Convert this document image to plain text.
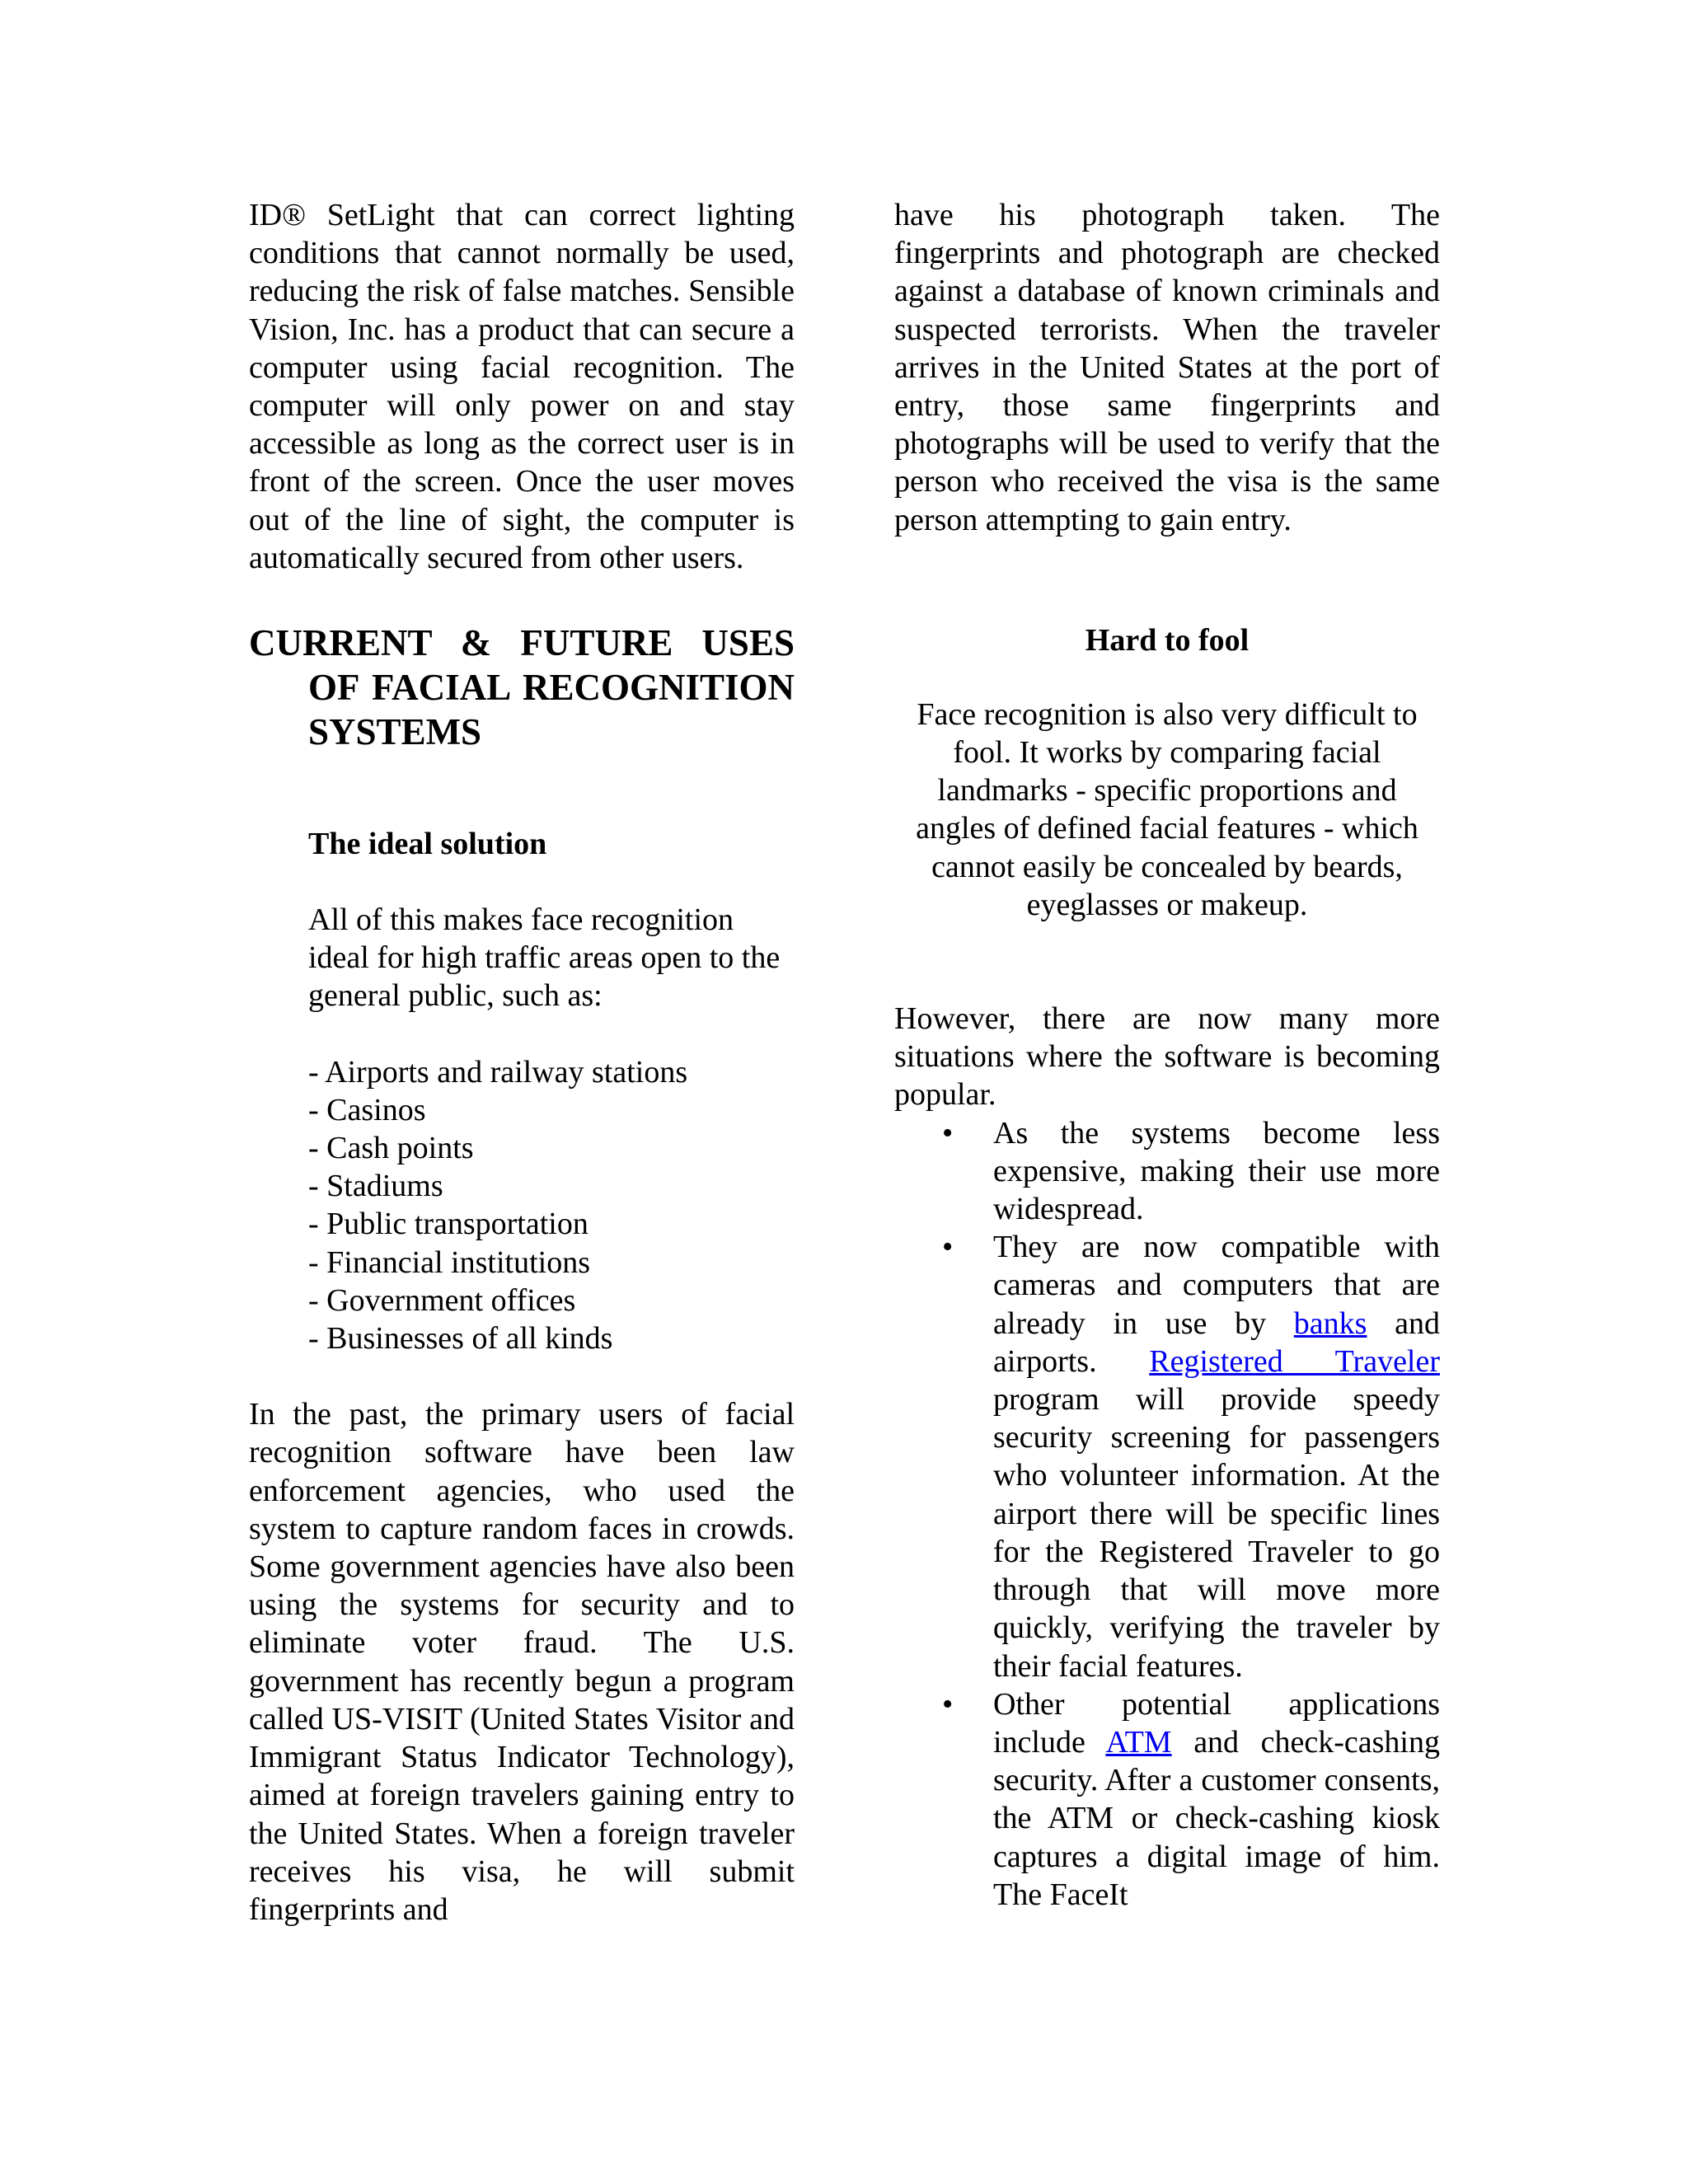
ID® SetLight that can correct lighting conditions that cannot normally be used, reducing the risk of false matches. Sensible Vision, Inc. has a product that can secure a computer using facial recognition. The computer will only power on and stay accessible as long as the correct user is in front of the screen. Once the user moves out of the line of sight, the computer is automatically secured from other users.

CURRENT & FUTURE USES OF FACIAL RECOGNITION SYSTEMS
The ideal solution

All of this makes face recognition ideal for high traffic areas open to the general public, such as:

- Airports and railway stations
- Casinos
- Cash points
- Stadiums
- Public transportation
- Financial institutions
- Government offices
- Businesses of all kinds

In the past, the primary users of facial recognition software have been law enforcement agencies, who used the system to capture random faces in crowds. Some government agencies have also been using the systems for security and to eliminate voter fraud. The U.S. government has recently begun a program called US-VISIT (United States Visitor and Immigrant Status Indicator Technology), aimed at foreign travelers gaining entry to the United States. When a foreign traveler receives his visa, he will submit fingerprints and

have his photograph taken. The fingerprints and photograph are checked against a database of known criminals and suspected terrorists. When the traveler arrives in the United States at the port of entry, those same fingerprints and photographs will be used to verify that the person who received the visa is the same person attempting to gain entry.

Hard to fool

Face recognition is also very difficult to fool. It works by comparing facial landmarks - specific proportions and angles of defined facial features - which cannot easily be concealed by beards, eyeglasses or makeup.

However, there are now many more situations where the software is becoming popular.

• As the systems become less expensive, making their use more widespread.
• They are now compatible with cameras and computers that are already in use by banks and airports. Registered Traveler program will provide speedy security screening for passengers who volunteer information. At the airport there will be specific lines for the Registered Traveler to go through that will move more quickly, verifying the traveler by their facial features.
• Other potential applications include ATM and check-cashing security. After a customer consents, the ATM or check-cashing kiosk captures a digital image of him. The FaceIt
